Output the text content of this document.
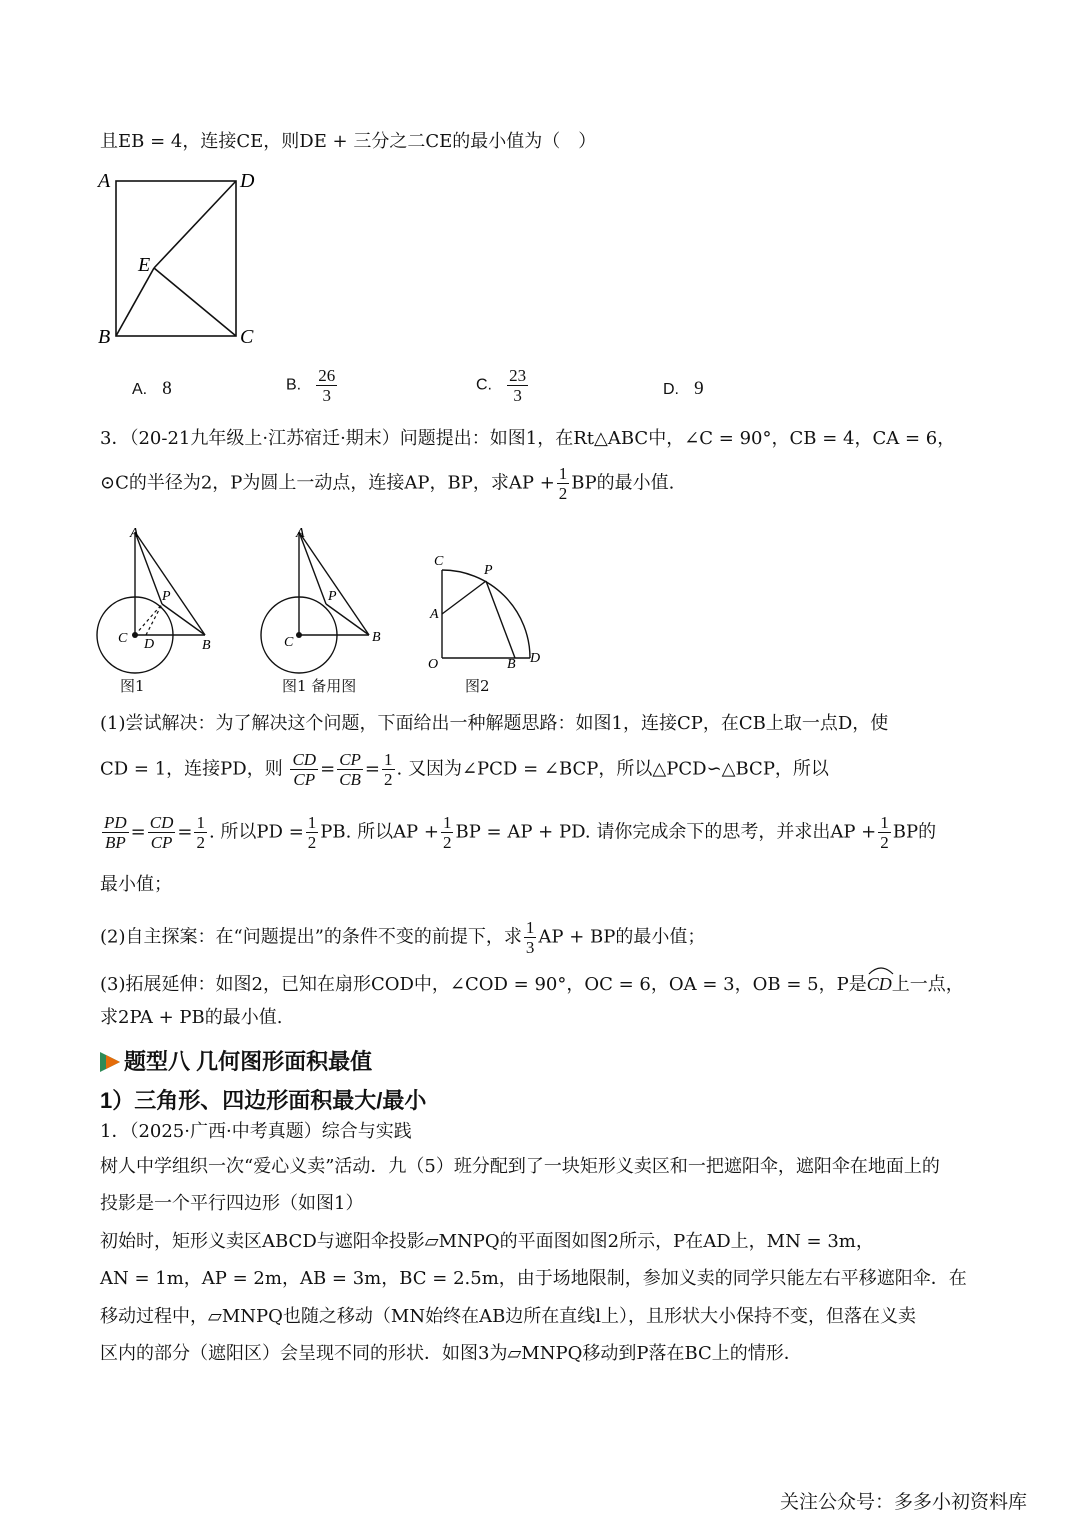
且EB = 4，连接CE，则DE + 三分之二CE的最小值为（　）
A	D
E
B	C
A. 8	B. $\frac{26}{3}$	C. $\frac{23}{3}$	D. 9
3．（20-21九年级上·江苏宿迁·期末）问题提出：如图1，在Rt△ABC中，∠C = 90°，CB = 4，CA = 6，
⊙C的半径为2，P为圆上一动点，连接AP，BP，求AP + $\frac{1}{2}$ BP的最小值.
A
P
C D	B
图1
A
P
C	B
图1 备用图
C
P
A
O	B D
图2
(1)尝试解决：为了解决这个问题，下面给出一种解题思路：如图1，连接CP，在CB上取一点D，使
CD = 1，连接PD，则 $\frac{CD}{CP} = \frac{CP}{CB} = \frac{1}{2}$ . 又因为∠PCD = ∠BCP，所以△PCD∽△BCP，所以
$\frac{PD}{BP} = \frac{CD}{CP} = \frac{1}{2}$ . 所以PD = $\frac{1}{2}$ PB. 所以AP + $\frac{1}{2}$ BP = AP + PD. 请你完成余下的思考，并求出AP + $\frac{1}{2}$ BP的
最小值；
(2)自主探案：在“问题提出”的条件不变的前提下，求 $\frac{1}{3}$ AP + BP的最小值；
(3)拓展延伸：如图2，已知在扇形COD中，∠COD = 90°，OC = 6，OA = 3，OB = 5，P是
CD上一点，
求2PA + PB的最小值.
题型八 几何图形面积最值
1）三角形、四边形面积最大/最小
1．（2025·广西·中考真题）综合与实践
树人中学组织一次“爱心义卖”活动．九（5）班分配到了一块矩形义卖区和一把遮阳伞，遮阳伞在地面上的
投影是一个平行四边形（如图1）
初始时，矩形义卖区ABCD与遮阳伞投影▱MNPQ的平面图如图2所示，P在AD上，MN = 3m，
AN = 1m，AP = 2m，AB = 3m，BC = 2.5m，由于场地限制，参加义卖的同学只能左右平移遮阳伞．在
移动过程中，▱MNPQ也随之移动（MN始终在AB边所在直线l上），且形状大小保持不变，但落在义卖
区内的部分（遮阳区）会呈现不同的形状．如图3为▱MNPQ移动到P落在BC上的情形．
关注公众号：多多小初资料库
